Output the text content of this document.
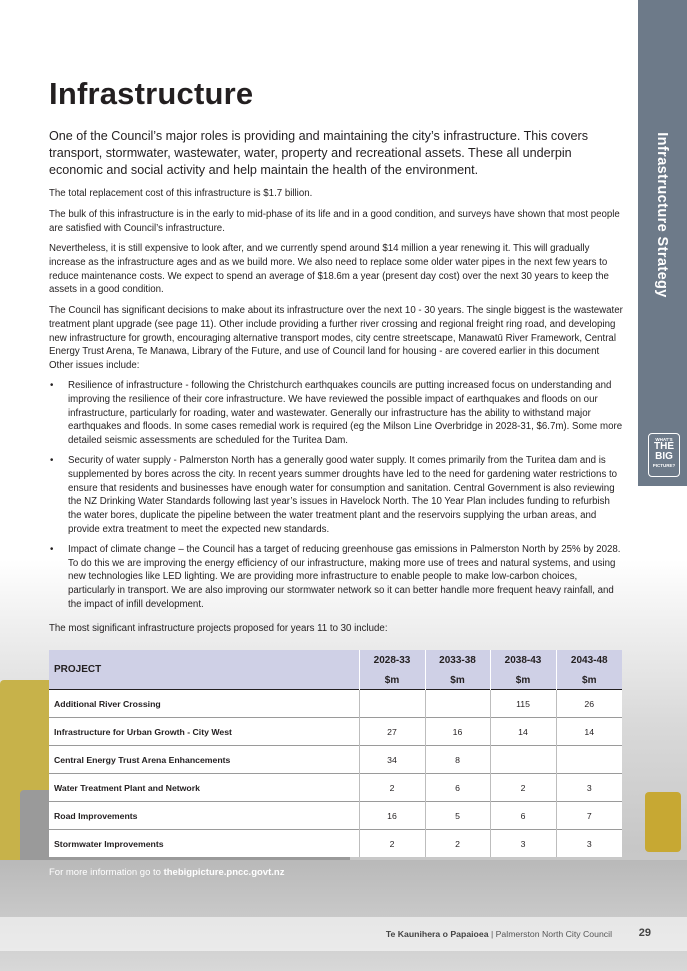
Infrastructure Strategy
WHAT'S
THE
BIG
PICTURE?
Infrastructure

One of the Council’s major roles is providing and maintaining the city’s infrastructure. This covers transport, stormwater, wastewater, water, property and recreational assets. These all underpin economic and social activity and help maintain the health of the environment.

The total replacement cost of this infrastructure is $1.7 billion.

The bulk of this infrastructure is in the early to mid-phase of its life and in a good condition, and surveys have shown that most people are satisfied with Council’s infrastructure.

Nevertheless, it is still expensive to look after, and we currently spend around $14 million a year renewing it. This will gradually increase as the infrastructure ages and as we build more. We also need to replace some older water pipes in the next few years to reduce maintenance costs. We expect to spend an average of $18.6m a year (present day cost) over the next 30 years to keep the assets in a good condition.

The Council has significant decisions to make about its infrastructure over the next 10 - 30 years. The single biggest is the wastewater treatment plant upgrade (see page 11). Other include providing a further river crossing and regional freight ring road, and developing new infrastructure for growth, encouraging alternative transport modes, city centre streetscape, Manawatū River Framework, Central Energy Trust Arena, Te Manawa, Library of the Future, and use of Council land for housing - are covered earlier in this document Other issues include:

• Resilience of infrastructure - following the Christchurch earthquakes councils are putting increased focus on understanding and improving the resilience of their core infrastructure. We have reviewed the possible impact of earthquakes and floods on our infrastructure, particularly for roading, water and wastewater. Generally our infrastructure has the ability to withstand major earthquakes and floods. In some cases remedial work is required (eg the Milson Line Overbridge in 2028-31, $6.7m). Some more detailed seismic assessments are scheduled for the Turitea Dam.
• Security of water supply - Palmerston North has a generally good water supply. It comes primarily from the Turitea dam and is supplemented by bores across the city. In recent years summer droughts have led to the need for gardening water restrictions to ensure that residents and businesses have enough water for consumption and sanitation. Central Government is also reviewing the NZ Drinking Water Standards following last year’s issues in Havelock North. The 10 Year Plan includes funding to refurbish the water bores, duplicate the pipeline between the water treatment plant and the reservoirs supplying the urban areas, and provide extra treatment to meet the expected new standards.
• Impact of climate change – the Council has a target of reducing greenhouse gas emissions in Palmerston North by 25% by 2028. To do this we are improving the energy efficiency of our infrastructure, making more use of trees and natural systems, and using new technologies like LED lighting. We are providing more infrastructure to enable people to make low-carbon choices, particularly in transport. We are also improving our stormwater network so it can better handle more frequent heavy rainfall, and the impact of infill development.

The most significant infrastructure projects proposed for years 11 to 30 include:

PROJECT	2028-33	2033-38	2038-43	2043-48
	$m	$m	$m	$m
Additional River Crossing			115	26
Infrastructure for Urban Growth - City West	27	16	14	14
Central Energy Trust Arena Enhancements	34	8		
Water Treatment Plant and Network	2	6	2	3
Road Improvements	16	5	6	7
Stormwater Improvements	2	2	3	3
For more information go to thebigpicture.pncc.govt.nz
Te Kaunihera o Papaioea | Palmerston North City Council 29
